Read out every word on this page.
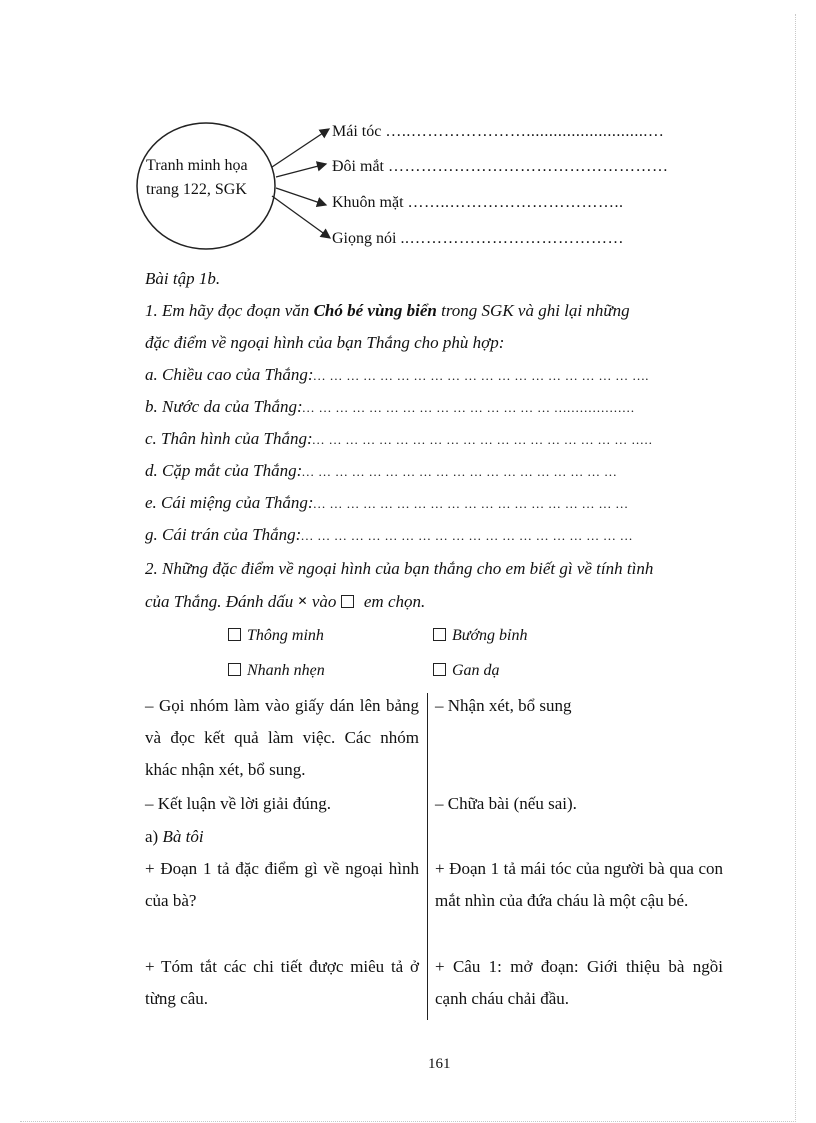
Tranh minh họa
trang 122, SGK
Mái tóc …..…………………...........................…
Đôi mắt ……………………………………………
Khuôn mặt ……..…………………………..
Giọng nói ..…………………………………
Bài tập 1b.
1. Em hãy đọc đoạn văn Chó bé vùng biển trong SGK và ghi lại những
đặc điểm về ngoại hình của bạn Thắng cho phù hợp:
a. Chiều cao của Thắng:… … … … … … … … … … … … … … … … … … … ….
b. Nước da của Thắng:… … … … … … … … … … … … … … … …................
c. Thân hình của Thắng:… … … … … … … … … … … … … … … … … … … .....
d. Cặp mắt của Thắng:… … … … … … … … … … … … … … … … … … …
e. Cái miệng của Thắng:… … … … … … … … … … … … … … … … … … …
g. Cái trán của Thắng:… … … … … … … … … … … … … … … … … … … …
2. Những đặc điểm về ngoại hình của bạn thắng cho em biết gì về tính tình
của Thắng. Đánh dấu ✕ vào  em chọn.
Thông minh	Bướng bỉnh
Nhanh nhẹn	Gan dạ
– Gọi nhóm làm vào giấy dán lên bảng và đọc kết quả làm việc. Các nhóm khác nhận xét, bổ sung.
– Kết luận về lời giải đúng.
a) Bà tôi
+ Đoạn 1 tả đặc điểm gì về ngoại hình của bà?
+ Tóm tắt các chi tiết được miêu tả ở từng câu.
– Nhận xét, bổ sung
– Chữa bài (nếu sai).
+ Đoạn 1 tả mái tóc của người bà qua con mắt nhìn của đứa cháu là một cậu bé.
+ Câu 1: mở đoạn: Giới thiệu bà ngồi cạnh cháu chải đầu.
161
